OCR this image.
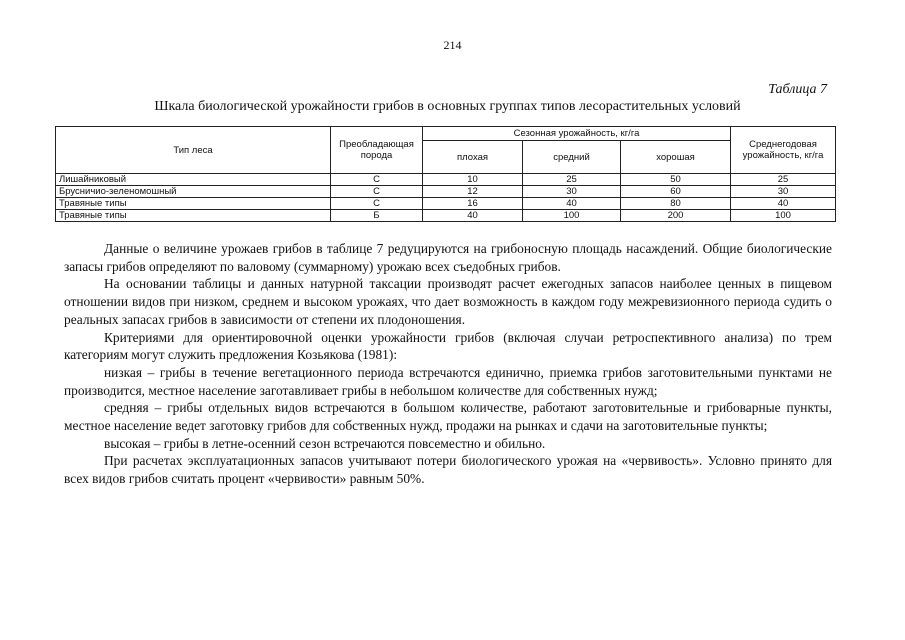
214
Таблица 7
Шкала биологической урожайности грибов в основных группах типов лесорастительных условий
Тип леса	Преобладающая порода	Сезонная урожайность, кг/га			Среднегодовая урожайность, кг/га
		плохая	средний	хорошая	
Лишайниковый	С	10	25	50	25
Брусничио-зеленомошный	С	12	30	60	30
Травяные типы	С	16	40	80	40
Травяные типы	Б	40	100	200	100

Данные о величине урожаев грибов в таблице 7 редуцируются на грибоносную площадь насаждений. Общие биологические запасы грибов определяют по валовому (суммарному) урожаю всех съедобных грибов.

На основании таблицы и данных натурной таксации производят расчет ежегодных запасов наиболее ценных в пищевом отношении видов при низком, среднем и высоком урожаях, что дает возможность в каждом году межревизионного периода судить о реальных запасах грибов в зависимости от степени их плодоношения.

Критериями для ориентировочной оценки урожайности грибов (включая случаи ретроспективного анализа) по трем категориям могут служить предложения Козьякова (1981):

низкая – грибы в течение вегетационного периода встречаются единично, приемка грибов заготовительными пунктами не производится, местное население заготавливает грибы в небольшом количестве для собственных нужд;

средняя – грибы отдельных видов встречаются в большом количестве, работают заготовительные и грибоварные пункты, местное население ведет заготовку грибов для собственных нужд, продажи на рынках и сдачи на заготовительные пункты;

высокая – грибы в летне-осенний сезон встречаются повсеместно и обильно.

При расчетах эксплуатационных запасов учитывают потери биологического урожая на «червивость». Условно принято для всех видов грибов считать процент «червивости» равным 50%.
